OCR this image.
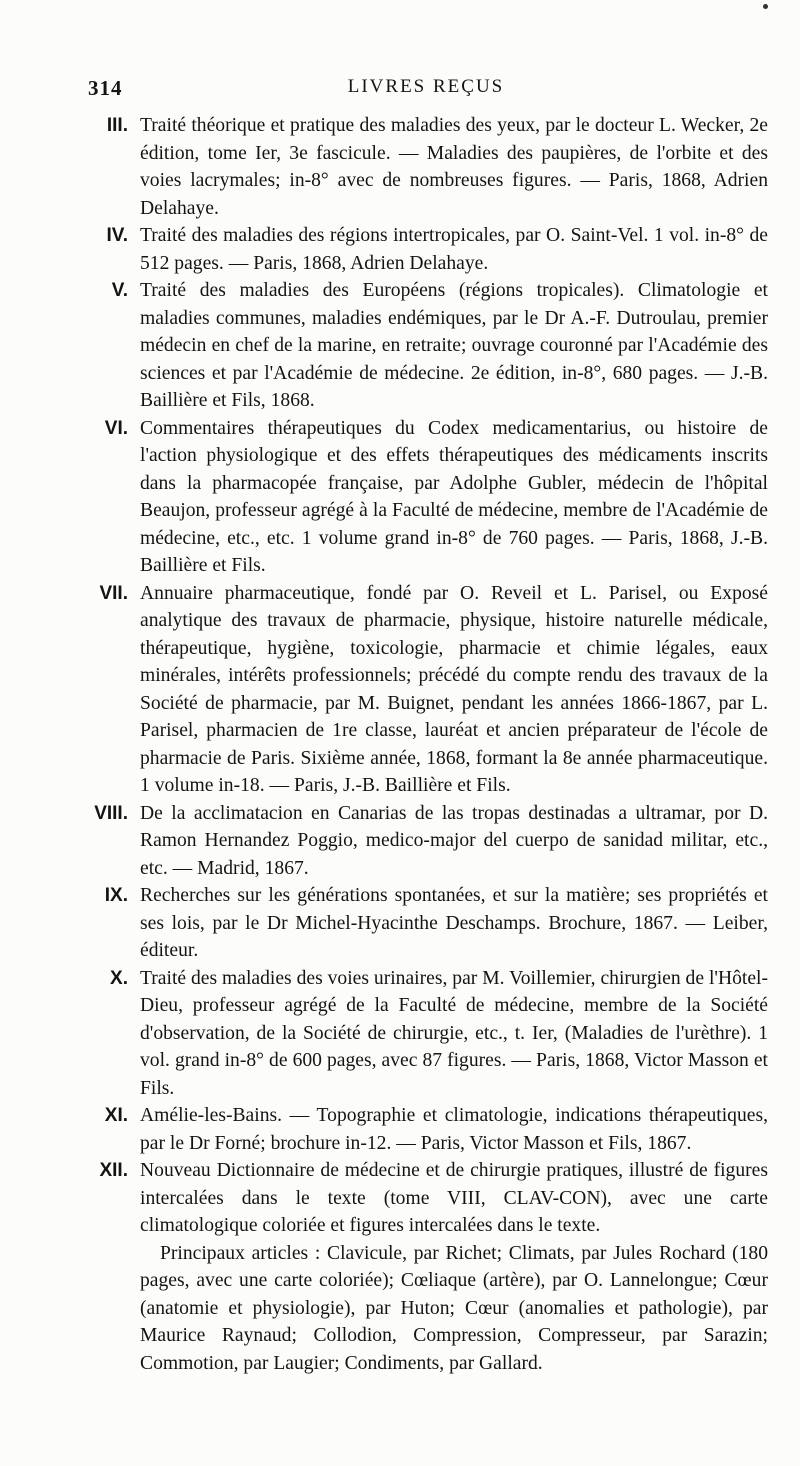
314	LIVRES REÇUS

III. Traité théorique et pratique des maladies des yeux, par le docteur L. Wecker, 2e édition, tome Ier, 3e fascicule. — Maladies des paupières, de l'orbite et des voies lacrymales; in-8° avec de nombreuses figures. — Paris, 1868, Adrien Delahaye.

IV. Traité des maladies des régions intertropicales, par O. Saint-Vel. 1 vol. in-8° de 512 pages. — Paris, 1868, Adrien Delahaye.

V. Traité des maladies des Européens (régions tropicales). Climatologie et maladies communes, maladies endémiques, par le Dr A.-F. Dutroulau, premier médecin en chef de la marine, en retraite; ouvrage couronné par l'Académie des sciences et par l'Académie de médecine. 2e édition, in-8°, 680 pages. — J.-B. Baillière et Fils, 1868.

VI. Commentaires thérapeutiques du Codex medicamentarius, ou histoire de l'action physiologique et des effets thérapeutiques des médicaments inscrits dans la pharmacopée française, par Adolphe Gubler, médecin de l'hôpital Beaujon, professeur agrégé à la Faculté de médecine, membre de l'Académie de médecine, etc., etc. 1 volume grand in-8° de 760 pages. — Paris, 1868, J.-B. Baillière et Fils.

VII. Annuaire pharmaceutique, fondé par O. Reveil et L. Parisel, ou Exposé analytique des travaux de pharmacie, physique, histoire naturelle médicale, thérapeutique, hygiène, toxicologie, pharmacie et chimie légales, eaux minérales, intérêts professionnels; précédé du compte rendu des travaux de la Société de pharmacie, par M. Buignet, pendant les années 1866-1867, par L. Parisel, pharmacien de 1re classe, lauréat et ancien préparateur de l'école de pharmacie de Paris. Sixième année, 1868, formant la 8e année pharmaceutique. 1 volume in-18. — Paris, J.-B. Baillière et Fils.

VIII. De la acclimatacion en Canarias de las tropas destinadas a ultramar, por D. Ramon Hernandez Poggio, medico-major del cuerpo de sanidad militar, etc., etc. — Madrid, 1867.

IX. Recherches sur les générations spontanées, et sur la matière; ses propriétés et ses lois, par le Dr Michel-Hyacinthe Deschamps. Brochure, 1867. — Leiber, éditeur.

X. Traité des maladies des voies urinaires, par M. Voillemier, chirurgien de l'Hôtel-Dieu, professeur agrégé de la Faculté de médecine, membre de la Société d'observation, de la Société de chirurgie, etc., t. Ier, (Maladies de l'urèthre). 1 vol. grand in-8° de 600 pages, avec 87 figures. — Paris, 1868, Victor Masson et Fils.

XI. Amélie-les-Bains. — Topographie et climatologie, indications thérapeutiques, par le Dr Forné; brochure in-12. — Paris, Victor Masson et Fils, 1867.

XII. Nouveau Dictionnaire de médecine et de chirurgie pratiques, illustré de figures intercalées dans le texte (tome VIII, CLAV-CON), avec une carte climatologique coloriée et figures intercalées dans le texte.

Principaux articles : Clavicule, par Richet; Climats, par Jules Rochard (180 pages, avec une carte coloriée); Cœliaque (artère), par O. Lannelongue; Cœur (anatomie et physiologie), par Huton; Cœur (anomalies et pathologie), par Maurice Raynaud; Collodion, Compression, Compresseur, par Sarazin; Commotion, par Laugier; Condiments, par Gallard.
